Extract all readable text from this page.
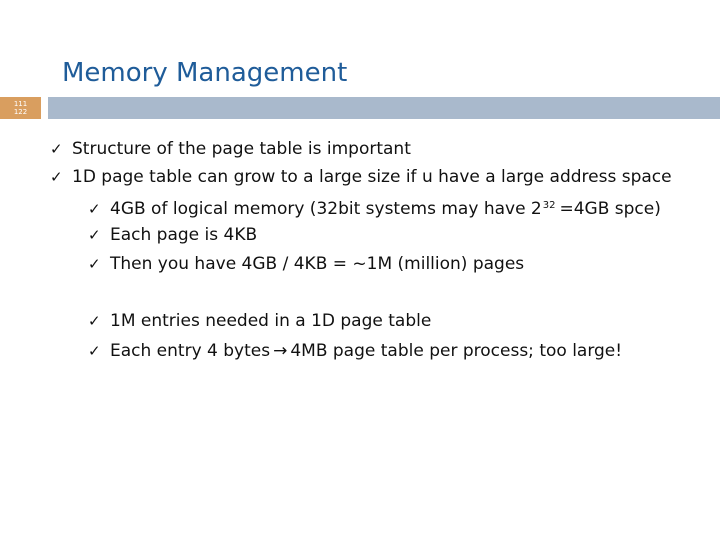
Memory Management
111
122
✓ Structure of the page table is important
✓ 1D page table can grow to a large size if u have a large address space
✓ 4GB of logical memory (32bit systems may have $2^{32} =4GB$ spce)
✓ Each page is 4KB
✓ Then you have 4GB / 4KB = ~1M (million) pages
✓ 1M entries needed in a 1D page table
✓ Each entry 4 bytes → 4MB page table per process; too large!
